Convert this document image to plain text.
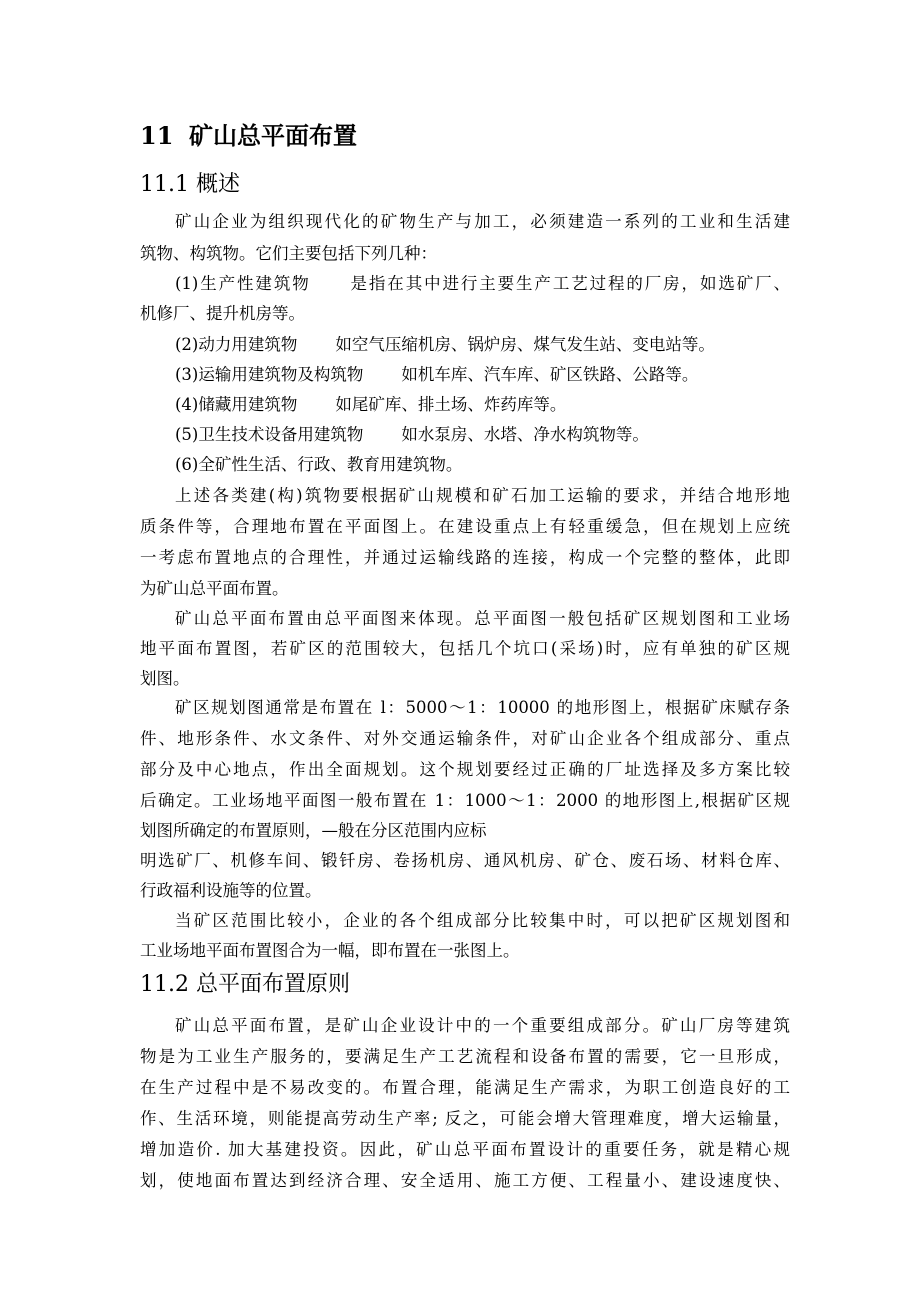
11 矿山总平面布置
11.1 概述
矿山企业为组织现代化的矿物生产与加工，必须建造一系列的工业和生活建
筑物、构筑物。它们主要包括下列几种：
(1)生产性建筑物 是指在其中进行主要生产工艺过程的厂房，如选矿厂、
机修厂、提升机房等。
(2)动力用建筑物 如空气压缩机房、锅炉房、煤气发生站、变电站等。
(3)运输用建筑物及构筑物 如机车库、汽车库、矿区铁路、公路等。
(4)储藏用建筑物 如尾矿库、排土场、炸药库等。
(5)卫生技术设备用建筑物 如水泵房、水塔、净水构筑物等。
(6)全矿性生活、行政、教育用建筑物。
上述各类建(构)筑物要根据矿山规模和矿石加工运输的要求，并结合地形地
质条件等，合理地布置在平面图上。在建设重点上有轻重缓急，但在规划上应统
一考虑布置地点的合理性，并通过运输线路的连接，构成一个完整的整体，此即
为矿山总平面布置。
矿山总平面布置由总平面图来体现。总平面图一般包括矿区规划图和工业场
地平面布置图，若矿区的范围较大，包括几个坑口(采场)时，应有单独的矿区规
划图。
矿区规划图通常是布置在 l：5000～1：10000 的地形图上，根据矿床赋存条
件、地形条件、水文条件、对外交通运输条件，对矿山企业各个组成部分、重点
部分及中心地点，作出全面规划。这个规划要经过正确的厂址选择及多方案比较
后确定。工业场地平面图一般布置在 1：1000～1：2000 的地形图上,根据矿区规
划图所确定的布置原则，—般在分区范围内应标
明选矿厂、机修车间、锻钎房、卷扬机房、通风机房、矿仓、废石场、材料仓库、
行政福利设施等的位置。
当矿区范围比较小，企业的各个组成部分比较集中时，可以把矿区规划图和
工业场地平面布置图合为一幅，即布置在一张图上。
11.2 总平面布置原则
矿山总平面布置，是矿山企业设计中的一个重要组成部分。矿山厂房等建筑
物是为工业生产服务的，要满足生产工艺流程和设备布置的需要，它一旦形成，
在生产过程中是不易改变的。布置合理，能满足生产需求，为职工创造良好的工
作、生活环境，则能提高劳动生产率; 反之，可能会增大管理难度，增大运输量，
增加造价. 加大基建投资。因此，矿山总平面布置设计的重要任务，就是精心规
划，使地面布置达到经济合理、安全适用、施工方便、工程量小、建设速度快、
